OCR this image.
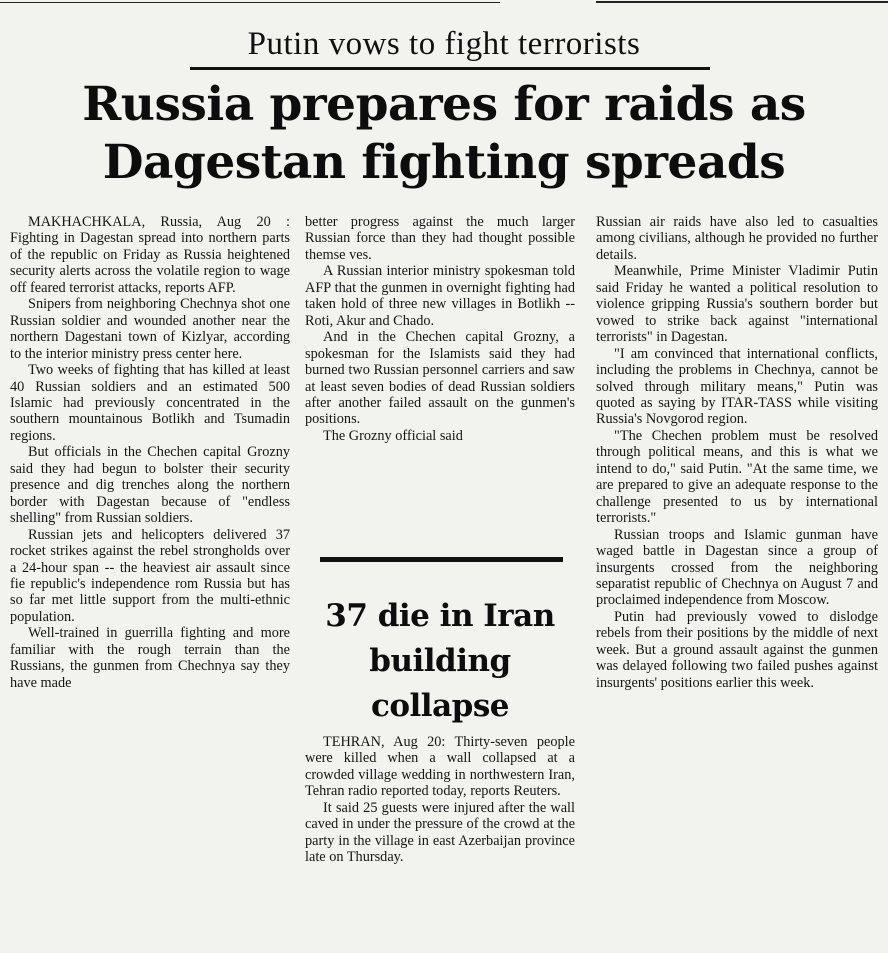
Putin vows to fight terrorists
Russia prepares for raids as
Dagestan fighting spreads

MAKHACHKALA, Russia, Aug 20 : Fighting in Dagestan spread into northern parts of the republic on Friday as Russia heightened security alerts across the volatile region to wage off feared terrorist attacks, reports AFP.

Snipers from neighboring Chechnya shot one Russian soldier and wounded another near the northern Dagestani town of Kizlyar, according to the interior ministry press center here.

Two weeks of fighting that has killed at least 40 Russian soldiers and an estimated 500 Islamic had previously concentrated in the southern mountainous Botlikh and Tsumadin regions.

But officials in the Chechen capital Grozny said they had begun to bolster their security presence and dig trenches along the northern border with Dagestan because of "endless shelling" from Russian soldiers.

Russian jets and helicopters delivered 37 rocket strikes against the rebel strongholds over a 24-hour span -- the heaviest air assault since fie republic's independence rom Russia but has so far met little support from the multi-ethnic population.

Well-trained in guerrilla fighting and more familiar with the rough terrain than the Russians, the gunmen from Chechnya say they have made

better progress against the much larger Russian force than they had thought possible themse ves.

A Russian interior ministry spokesman told AFP that the gunmen in overnight fighting had taken hold of three new villages in Botlikh -- Roti, Akur and Chado.

And in the Chechen capital Grozny, a spokesman for the Islamists said they had burned two Russian personnel carriers and saw at least seven bodies of dead Russian soldiers after another failed assault on the gunmen's positions.

The Grozny official said

37 die in Iran
building
collapse

TEHRAN, Aug 20: Thirty-seven people were killed when a wall collapsed at a crowded village wedding in northwestern Iran, Tehran radio reported today, reports Reuters.

It said 25 guests were injured after the wall caved in under the pressure of the crowd at the party in the village in east Azerbaijan province late on Thursday.

Russian air raids have also led to casualties among civilians, although he provided no further details.

Meanwhile, Prime Minister Vladimir Putin said Friday he wanted a political resolution to violence gripping Russia's southern border but vowed to strike back against "international terrorists" in Dagestan.

"I am convinced that international conflicts, including the problems in Chechnya, cannot be solved through military means," Putin was quoted as saying by ITAR-TASS while visiting Russia's Novgorod region.

"The Chechen problem must be resolved through political means, and this is what we intend to do," said Putin. "At the same time, we are prepared to give an adequate response to the challenge presented to us by international terrorists."

Russian troops and Islamic gunman have waged battle in Dagestan since a group of insurgents crossed from the neighboring separatist republic of Chechnya on August 7 and proclaimed independence from Moscow.

Putin had previously vowed to dislodge rebels from their positions by the middle of next week. But a ground assault against the gunmen was delayed following two failed pushes against insurgents' positions earlier this week.
